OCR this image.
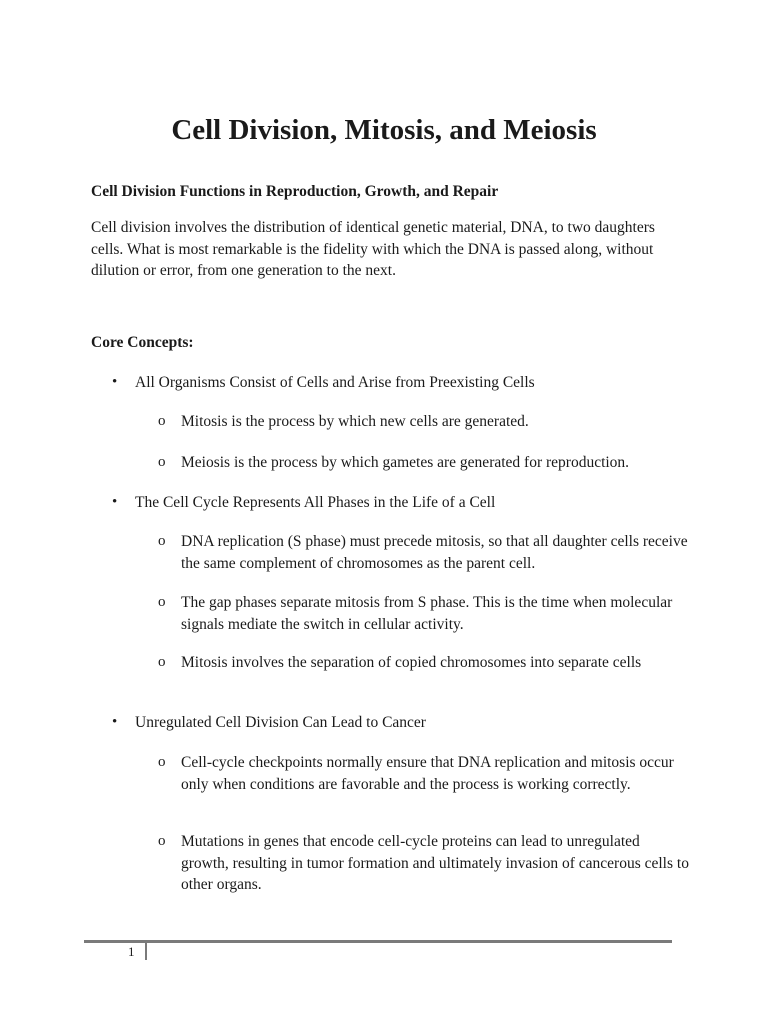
Cell Division, Mitosis, and Meiosis
Cell Division Functions in Reproduction, Growth, and Repair

Cell division involves the distribution of identical genetic material, DNA, to two daughters cells. What is most remarkable is the fidelity with which the DNA is passed along, without dilution or error, from one generation to the next.

Core Concepts:
• All Organisms Consist of Cells and Arise from Preexisting Cells

o Mitosis is the process by which new cells are generated.

o Meiosis is the process by which gametes are generated for reproduction.

• The Cell Cycle Represents All Phases in the Life of a Cell

o DNA replication (S phase) must precede mitosis, so that all daughter cells receive the same complement of chromosomes as the parent cell.

o The gap phases separate mitosis from S phase. This is the time when molecular signals mediate the switch in cellular activity.

o Mitosis involves the separation of copied chromosomes into separate cells

• Unregulated Cell Division Can Lead to Cancer

o Cell-cycle checkpoints normally ensure that DNA replication and mitosis occur only when conditions are favorable and the process is working correctly.

o Mutations in genes that encode cell-cycle proteins can lead to unregulated growth, resulting in tumor formation and ultimately invasion of cancerous cells to other organs.

1
